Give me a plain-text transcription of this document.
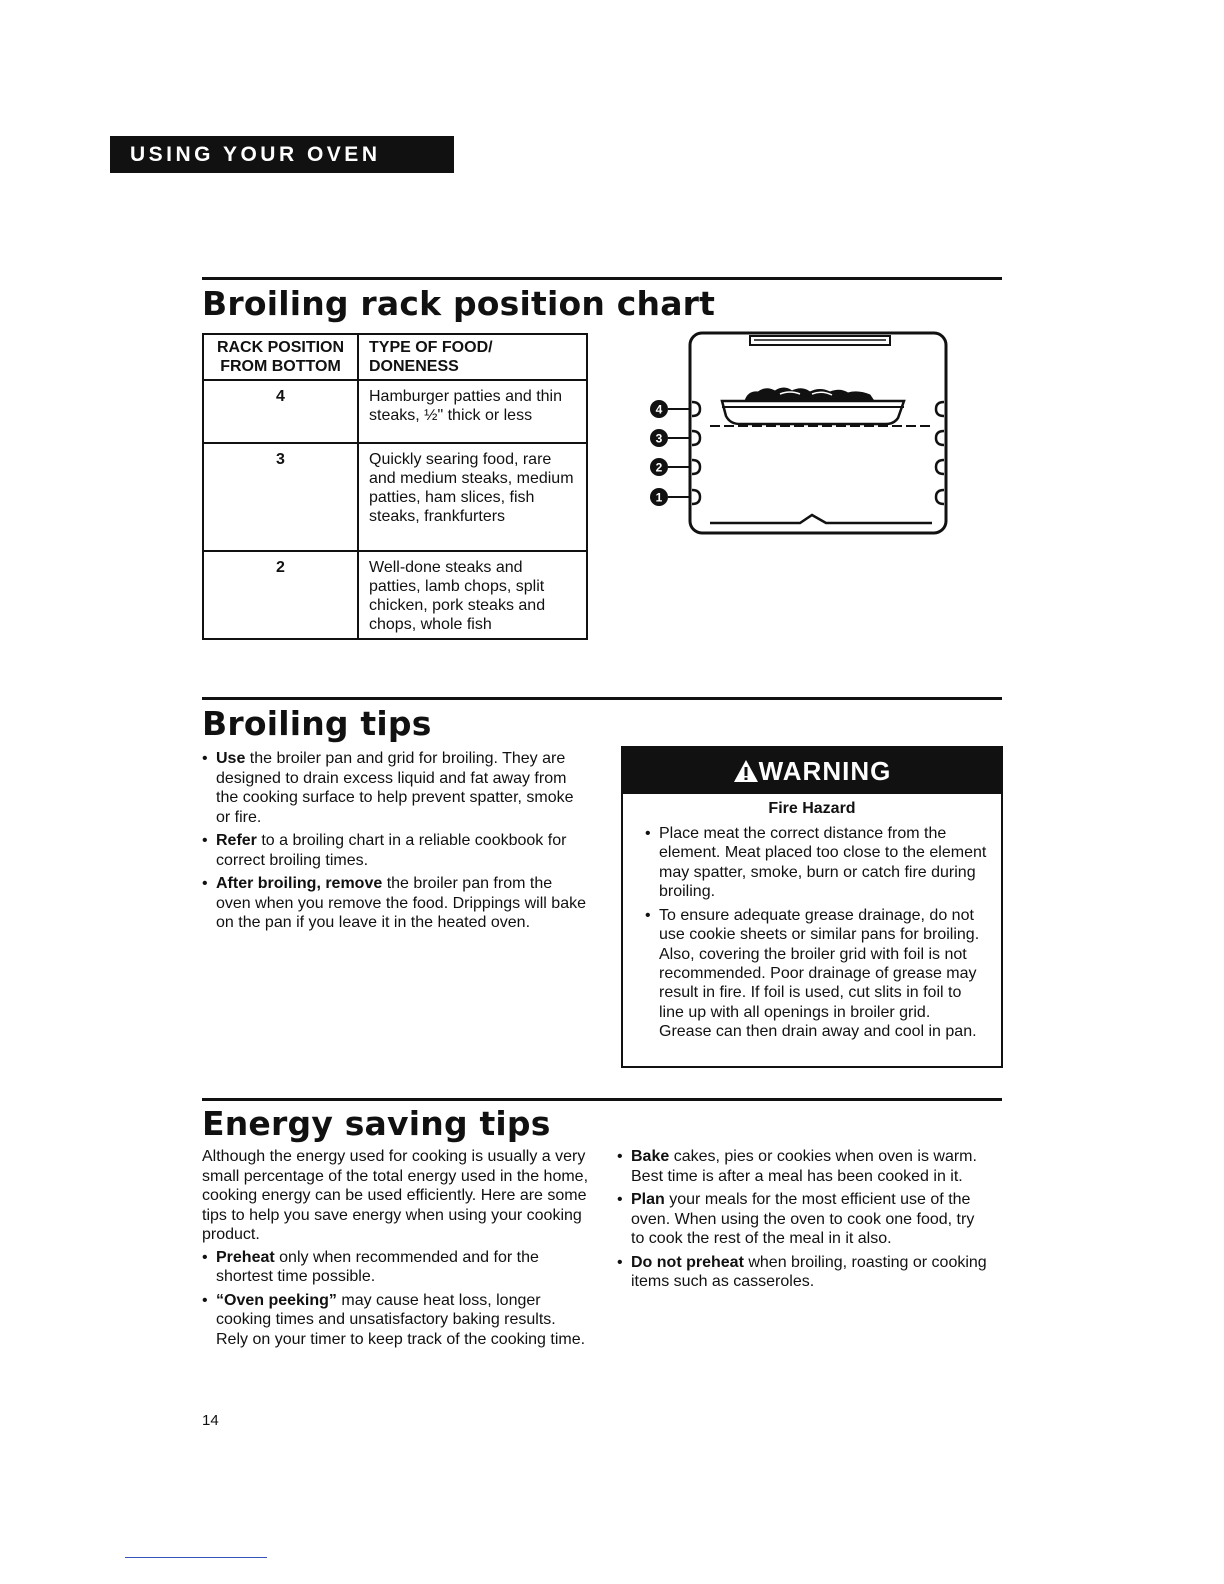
USING YOUR OVEN
Broiling rack position chart
RACK POSITION FROM BOTTOM	TYPE OF FOOD/ DONENESS
4	Hamburger patties and thin steaks, ½" thick or less
3	Quickly searing food, rare and medium steaks, medium patties, ham slices, fish steaks, frankfurters
2	Well-done steaks and patties, lamb chops, split chicken, pork steaks and chops, whole fish
4
3
2
1
Broiling tips
• Use the broiler pan and grid for broiling. They are designed to drain excess liquid and fat away from the cooking surface to help prevent spatter, smoke or fire.
• Refer to a broiling chart in a reliable cookbook for correct broiling times.
• After broiling, remove the broiler pan from the oven when you remove the food. Drippings will bake on the pan if you leave it in the heated oven.
WARNING
Fire Hazard
• Place meat the correct distance from the element. Meat placed too close to the element may spatter, smoke, burn or catch fire during broiling.
• To ensure adequate grease drainage, do not use cookie sheets or similar pans for broiling. Also, covering the broiler grid with foil is not recommended. Poor drainage of grease may result in fire. If foil is used, cut slits in foil to line up with all openings in broiler grid. Grease can then drain away and cool in pan.
Energy saving tips

Although the energy used for cooking is usually a very small percentage of the total energy used in the home, cooking energy can be used efficiently. Here are some tips to help you save energy when using your cooking product.

• Preheat only when recommended and for the shortest time possible.
• “Oven peeking” may cause heat loss, longer cooking times and unsatisfactory baking results. Rely on your timer to keep track of the cooking time.
• Bake cakes, pies or cookies when oven is warm. Best time is after a meal has been cooked in it.
• Plan your meals for the most efficient use of the oven. When using the oven to cook one food, try to cook the rest of the meal in it also.
• Do not preheat when broiling, roasting or cooking items such as casseroles.
14
